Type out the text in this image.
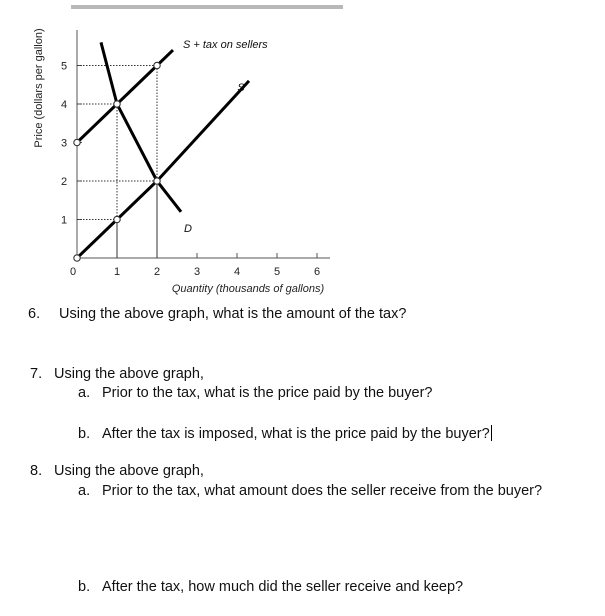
0	1	2	3	4	5	6
1
2
3
4
5
Price (dollars per gallon)
Quantity (thousands of gallons)
S + tax on sellers
S
D
6. Using the above graph, what is the amount of the tax?
7. Using the above graph,
a. Prior to the tax, what is the price paid by the buyer?
b. After the tax is imposed, what is the price paid by the buyer?
8. Using the above graph,
a. Prior to the tax, what amount does the seller receive from the buyer?
b. After the tax, how much did the seller receive and keep?
